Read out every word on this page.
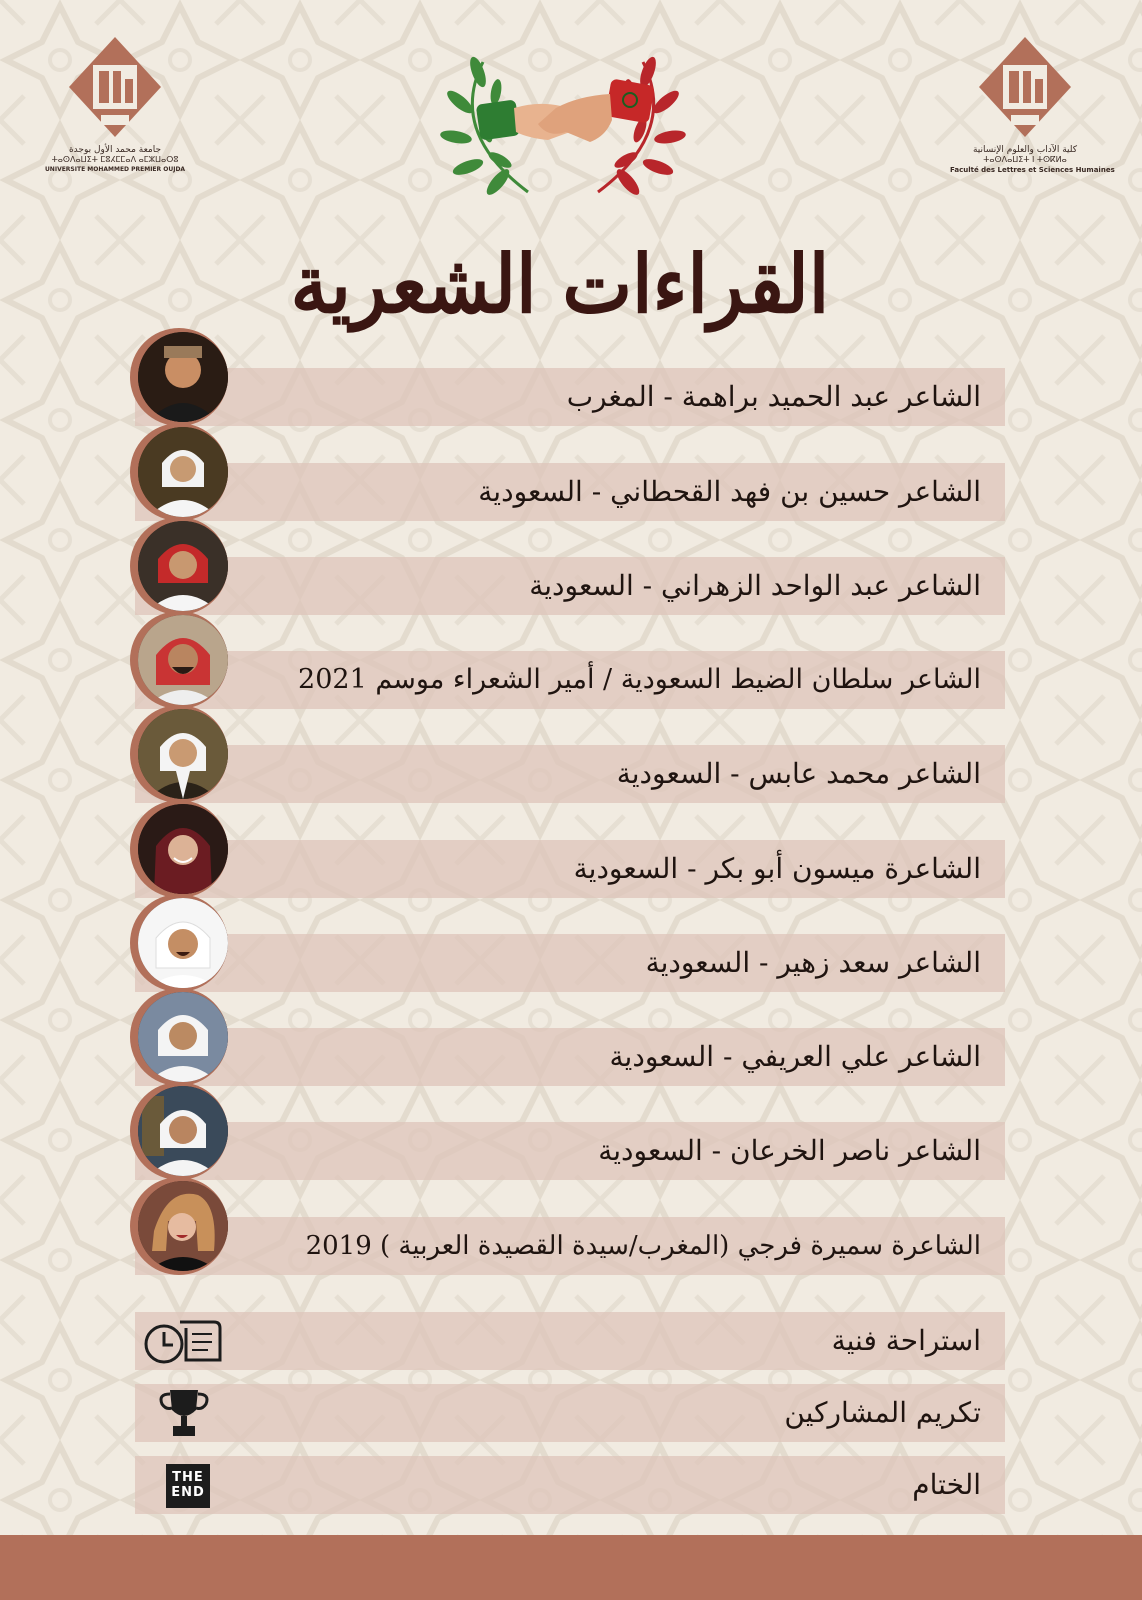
جامعة محمد الأول بوجدة
ⵜⴰⵙⴷⴰⵡⵉⵜ ⵎⵓⵃⵎⵎⴰⴷ ⴰⵎⵣⵡⴰⵔⵓ
UNIVERSITE MOHAMMED PREMIER OUJDA
كلية الآداب والعلوم الإنسانية
ⵜⴰⵙⴷⴰⵡⵉⵜ ⵏ ⵜⵙⴽⵍⴰ
Faculté des Lettres et Sciences Humaines
القراءات الشعرية
الشاعر عبد الحميد براهمة - المغرب
الشاعر حسين بن فهد القحطاني - السعودية
الشاعر عبد الواحد الزهراني - السعودية
الشاعر سلطان الضيط السعودية / أمير الشعراء موسم 2021
الشاعر محمد عابس - السعودية
الشاعرة ميسون أبو بكر - السعودية
الشاعر سعد زهير - السعودية
الشاعر علي العريفي - السعودية
الشاعر ناصر الخرعان - السعودية
الشاعرة سميرة فرجي (المغرب/سيدة القصيدة العربية ) 2019
استراحة فنية
تكريم المشاركين
الختام
THE END
